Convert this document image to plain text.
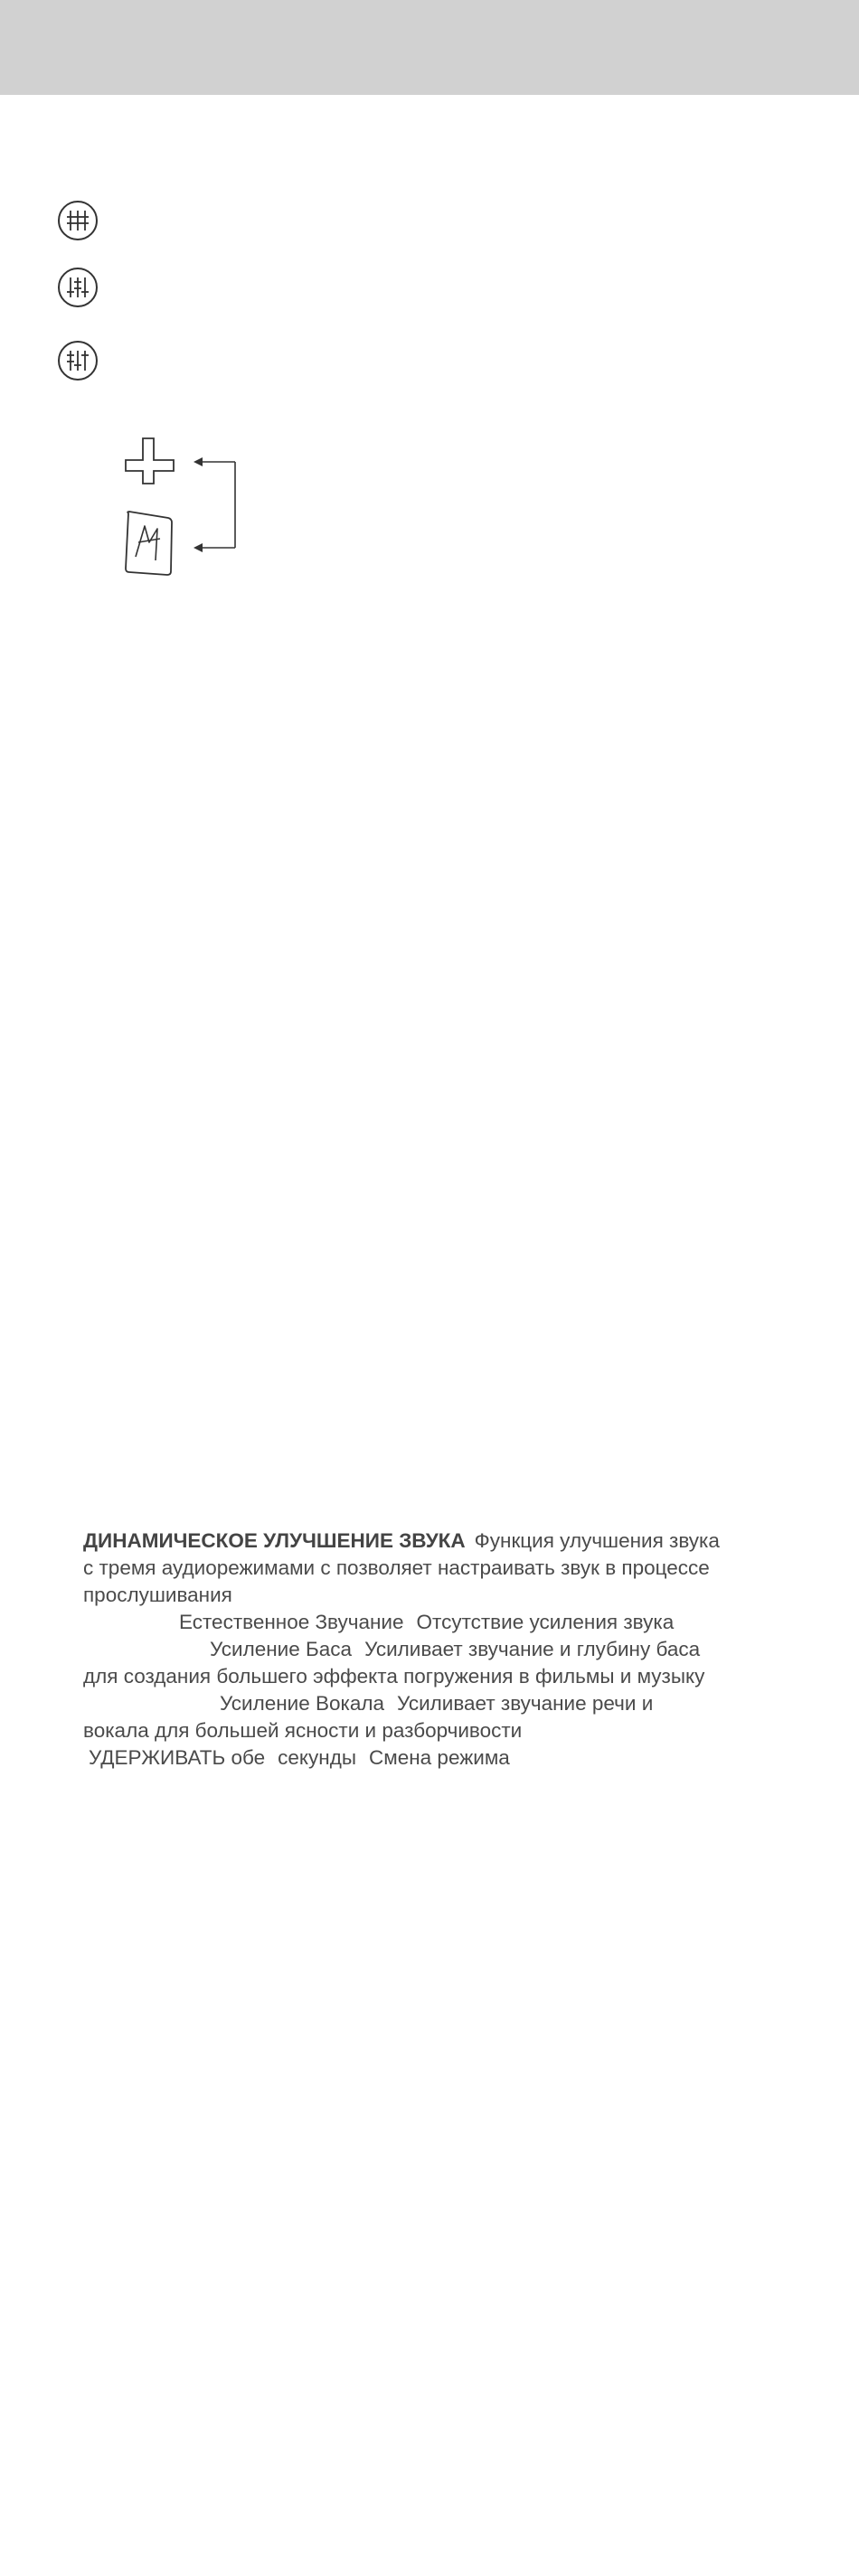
ДИНАМИЧЕСКОЕ УЛУЧШЕНИЕ ЗВУКА Функция улучшения звука
с тремя аудиорежимами с позволяет настраивать звук в процессе
прослушивания
Естественное Звучание Отсутствие усиления звука
Усиление Баса Усиливает звучание и глубину баса
для создания большего эффекта погружения в фильмы и музыку
Усиление Вокала Усиливает звучание речи и
вокала для большей ясности и разборчивости
УДЕРЖИВАТЬ обе секунды Смена режима
